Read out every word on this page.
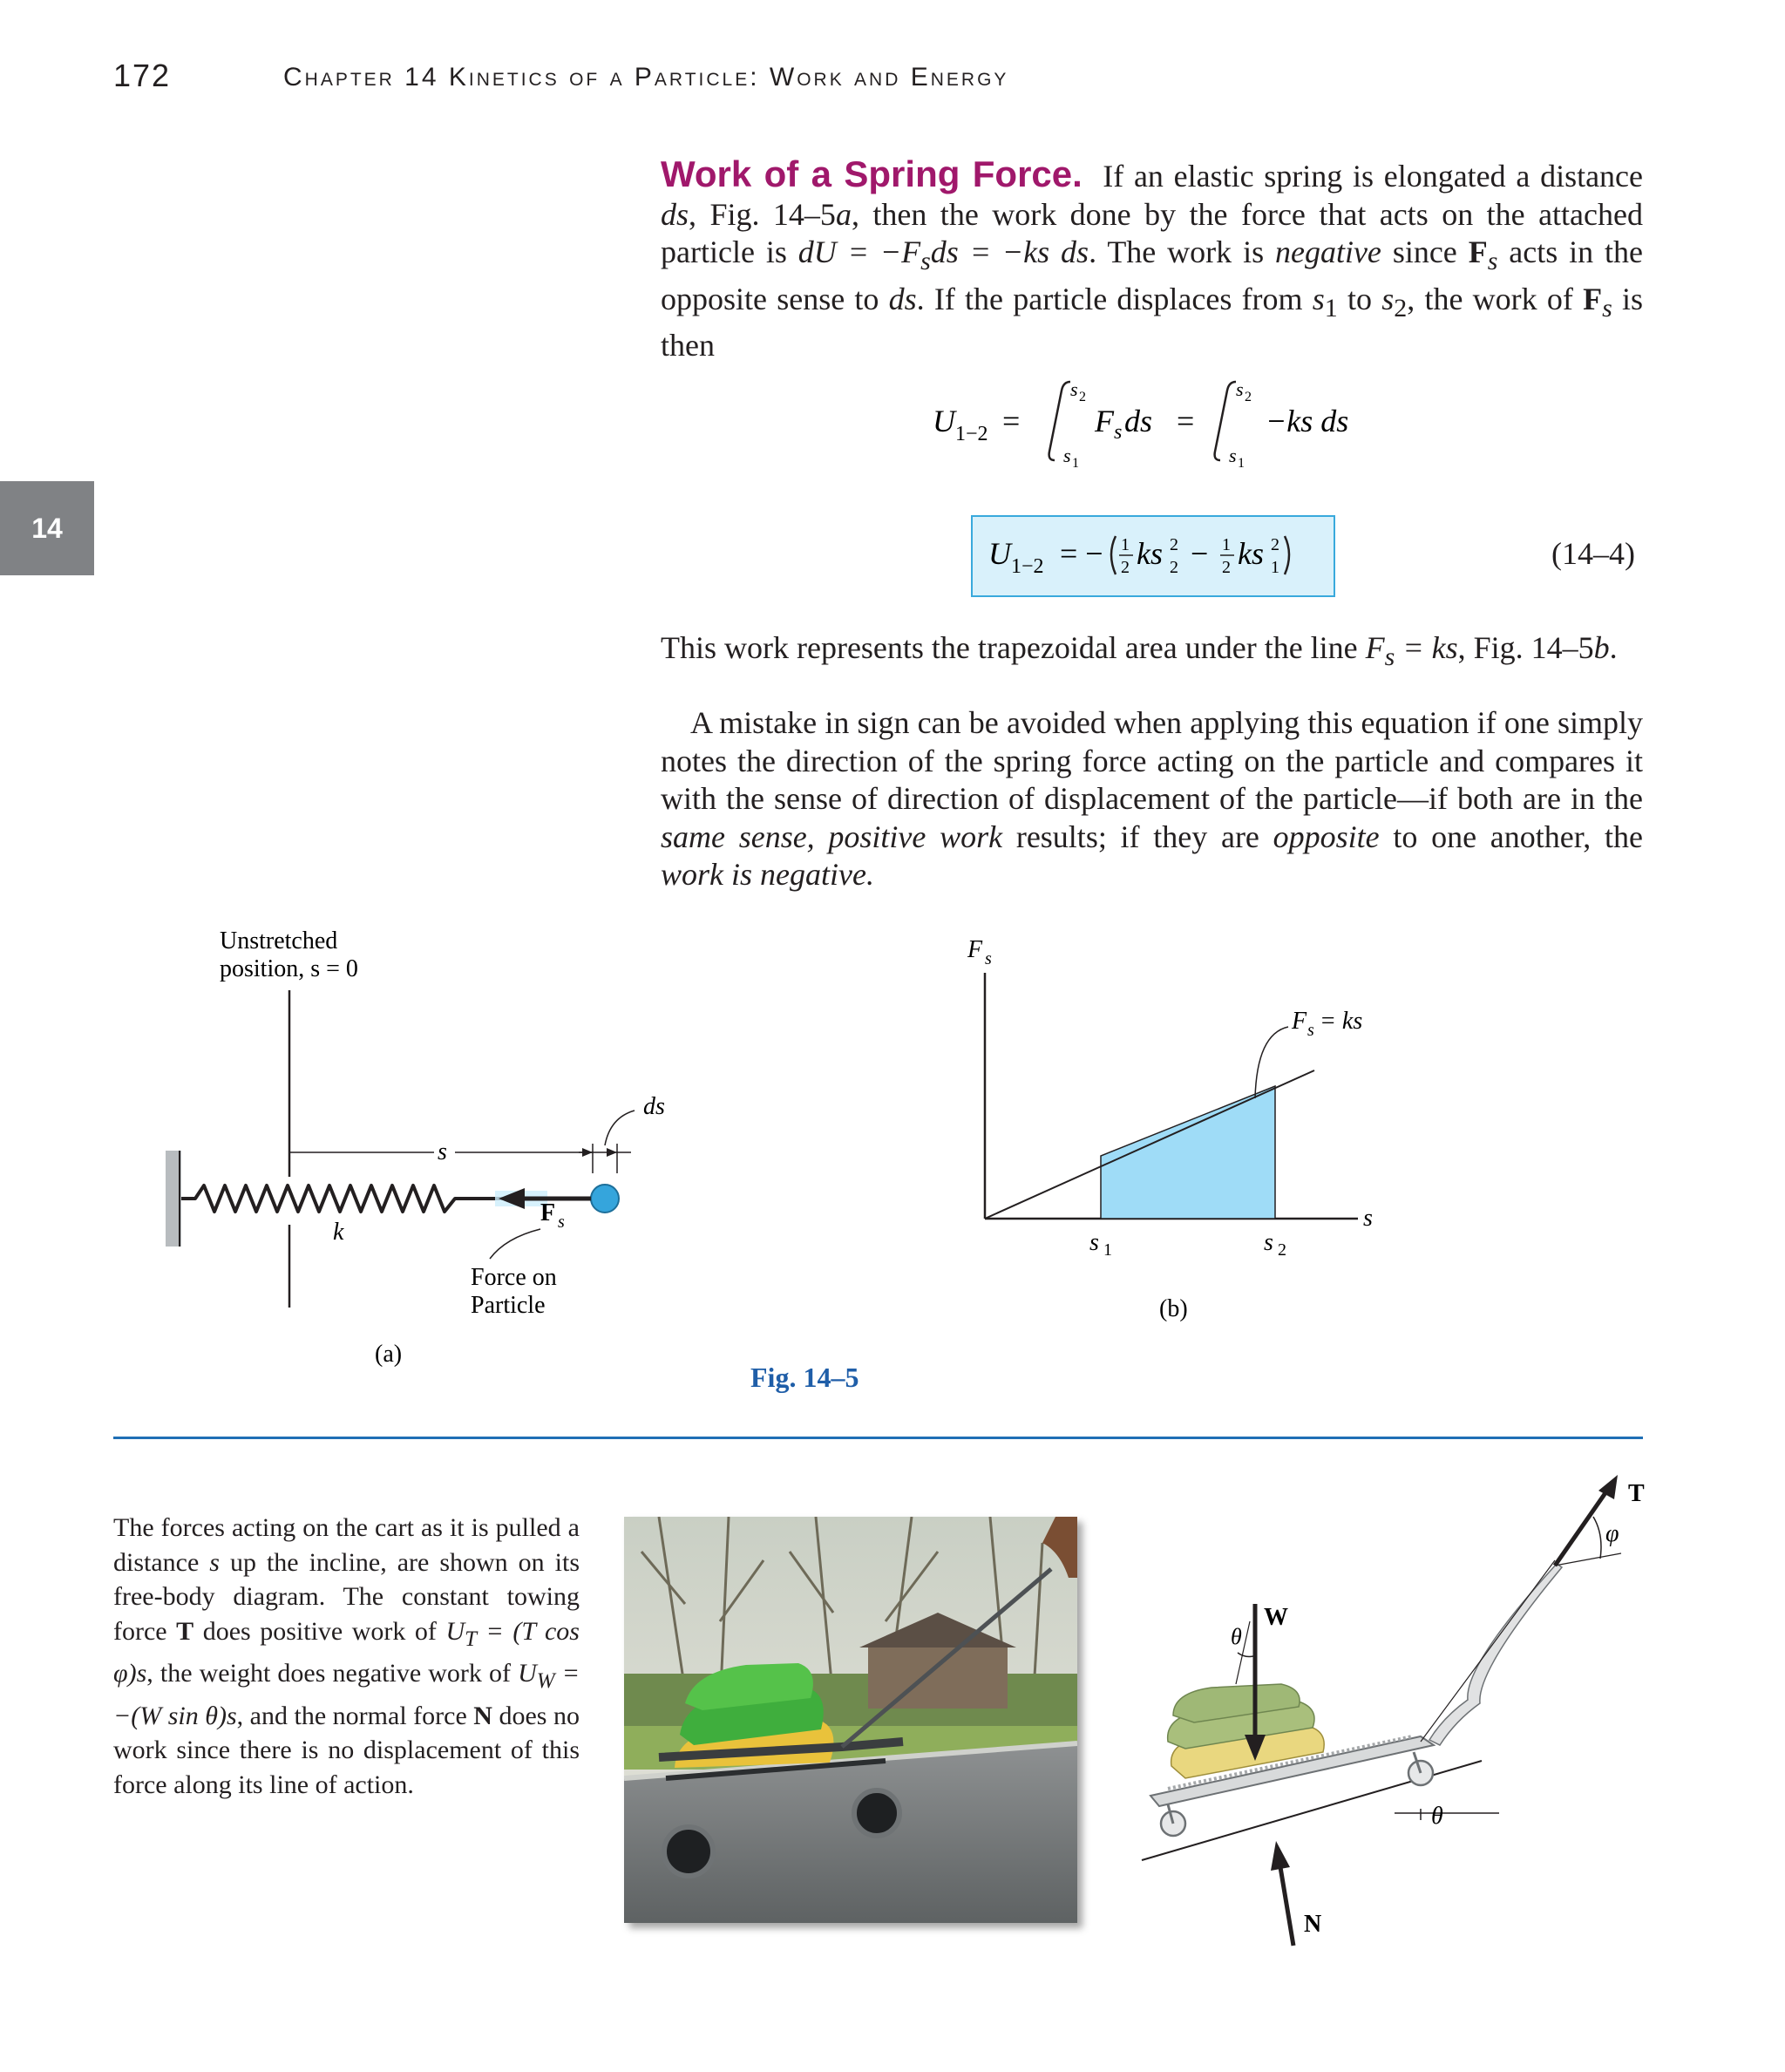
172	Chapter 14 Kinetics of a Particle: Work and Energy
14
Work of a Spring Force. If an elastic spring is elongated a distance ds, Fig. 14–5a, then the work done by the force that acts on the attached particle is dU = $-F_sds = -ks$ ds. The work is negative since $F_s$ acts in the opposite sense to ds. If the particle displaces from $s_1$ to $s_2$, the work of $F_s$ is then
U 1−2 =
s 2
s 1
F s ds =
s 2
s 1
−ks ds
U 1−2 = − 1
2 ks 2
2 − 1
2 ks 2
1	(14–4)
This work represents the trapezoidal area under the line $F_s$ = ks, Fig. 14–5b.
A mistake in sign can be avoided when applying this equation if one simply notes the direction of the spring force acting on the particle and compares it with the sense of direction of displacement of the particle—if both are in the same sense, positive work results; if they are opposite to one another, the work is negative.
Unstretched
position, s = 0
s
ds
k
F s
Force on
Particle
(a)
F s
s
s 1	s 2
F s = ks
(b)
Fig. 14–5
The forces acting on the cart as it is pulled a distance s up the incline, are shown on its free-body diagram. The constant towing force T does positive work of $U_T = (T$ cos φ)s, the weight does negative work of $U_W = -(W$ sin θ)s, and the normal force N does no work since there is no displacement of this force along its line of action.
θ
T
φ
W
θ
N
